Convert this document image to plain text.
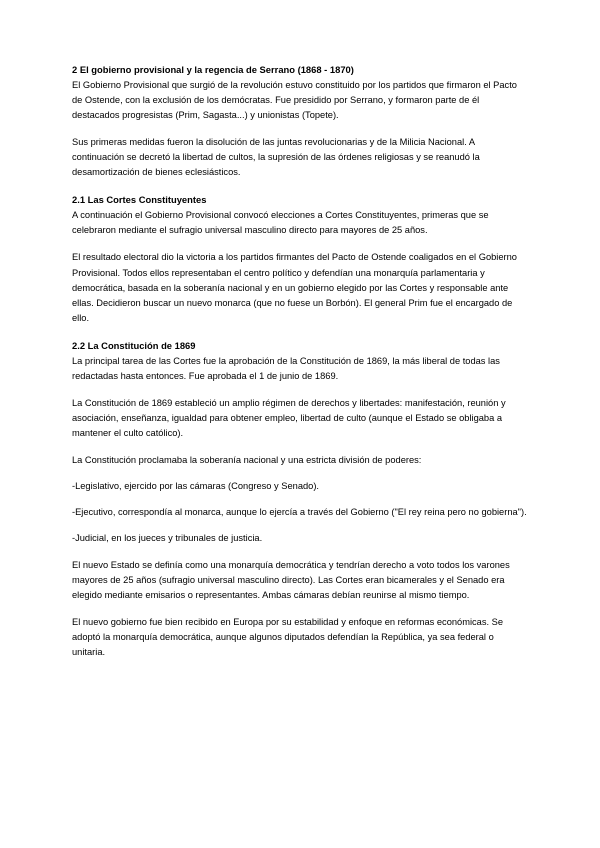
2 El gobierno provisional y la regencia de Serrano (1868 - 1870)

El Gobierno Provisional que surgió de la revolución estuvo constituido por los partidos que firmaron el Pacto de Ostende, con la exclusión de los demócratas. Fue presidido por Serrano, y formaron parte de él destacados progresistas (Prim, Sagasta...) y unionistas (Topete).

Sus primeras medidas fueron la disolución de las juntas revolucionarias y de la Milicia Nacional. A continuación se decretó la libertad de cultos, la supresión de las órdenes religiosas y se reanudó la desamortización de bienes eclesiásticos.

2.1 Las Cortes Constituyentes

A continuación el Gobierno Provisional convocó elecciones a Cortes Constituyentes, primeras que se celebraron mediante el sufragio universal masculino directo para mayores de 25 años.

El resultado electoral dio la victoria a los partidos firmantes del Pacto de Ostende coaligados en el Gobierno Provisional. Todos ellos representaban el centro político y defendían una monarquía parlamentaria y democrática, basada en la soberanía nacional y en un gobierno elegido por las Cortes y responsable ante ellas. Decidieron buscar un nuevo monarca (que no fuese un Borbón). El general Prim fue el encargado de ello.

2.2 La Constitución de 1869

La principal tarea de las Cortes fue la aprobación de la Constitución de 1869, la más liberal de todas las redactadas hasta entonces. Fue aprobada el 1 de junio de 1869.

La Constitución de 1869 estableció un amplio régimen de derechos y libertades: manifestación, reunión y asociación, enseñanza, igualdad para obtener empleo, libertad de culto (aunque el Estado se obligaba a mantener el culto católico).

La Constitución proclamaba la soberanía nacional y una estricta división de poderes:

-Legislativo, ejercido por las cámaras (Congreso y Senado).

-Ejecutivo, correspondía al monarca, aunque lo ejercía a través del Gobierno ("El rey reina pero no gobierna").

-Judicial, en los jueces y tribunales de justicia.

El nuevo Estado se definía como una monarquía democrática y tendrían derecho a voto todos los varones mayores de 25 años (sufragio universal masculino directo). Las Cortes eran bicamerales y el Senado era elegido mediante emisarios o representantes. Ambas cámaras debían reunirse al mismo tiempo.

El nuevo gobierno fue bien recibido en Europa por su estabilidad y enfoque en reformas económicas. Se adoptó la monarquía democrática, aunque algunos diputados defendían la República, ya sea federal o unitaria.
